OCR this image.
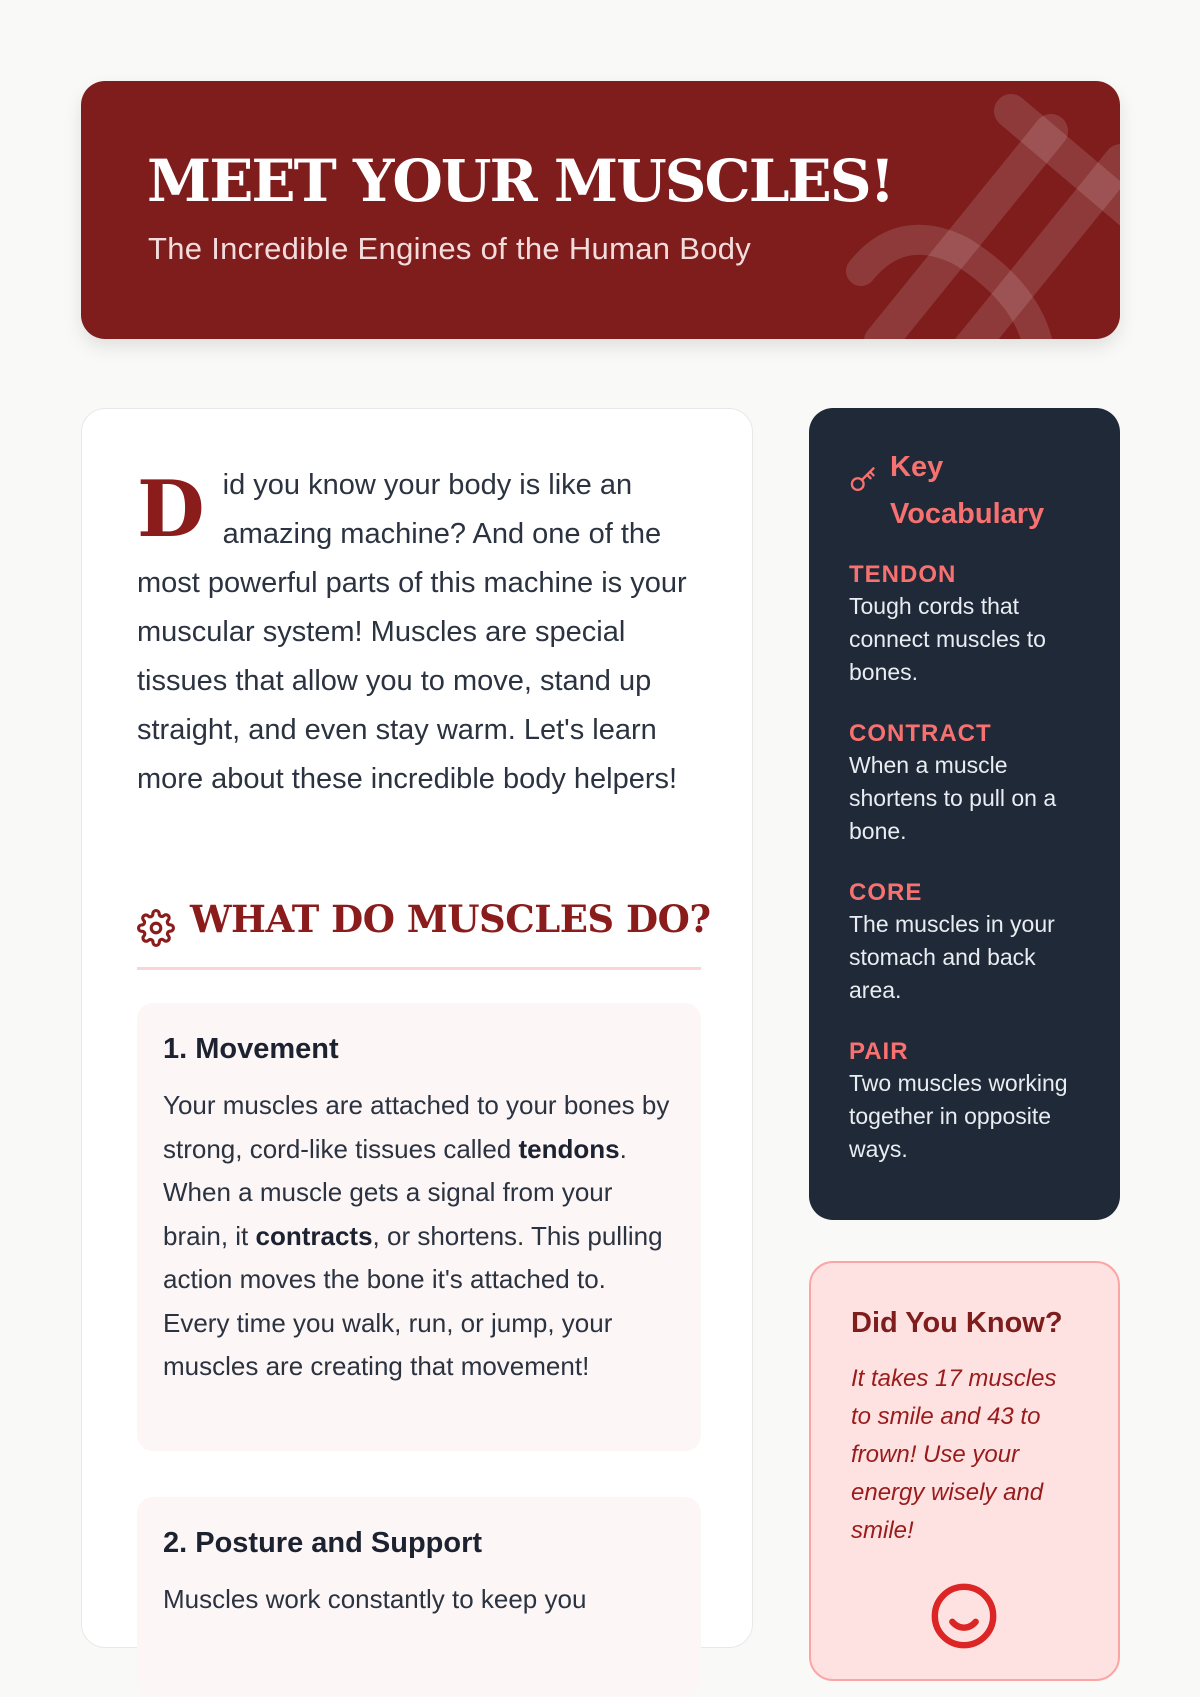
MEET YOUR MUSCLES!

The Incredible Engines of the Human Body

Did you know your body is like an amazing machine? And one of the most powerful parts of this machine is your muscular system! Muscles are special tissues that allow you to move, stand up straight, and even stay warm. Let's learn more about these incredible body helpers!

WHAT DO MUSCLES DO?
1. Movement

Your muscles are attached to your bones by strong, cord-like tissues called tendons. When a muscle gets a signal from your brain, it contracts, or shortens. This pulling action moves the bone it's attached to. Every time you walk, run, or jump, your muscles are creating that movement!

2. Posture and Support

Muscles work constantly to keep you

Key
Vocabulary
TENDON
Tough cords that connect muscles to bones.
CONTRACT
When a muscle shortens to pull on a bone.
CORE
The muscles in your stomach and back area.
PAIR
Two muscles working together in opposite ways.
Did You Know?

It takes 17 muscles to smile and 43 to frown! Use your energy wisely and smile!
